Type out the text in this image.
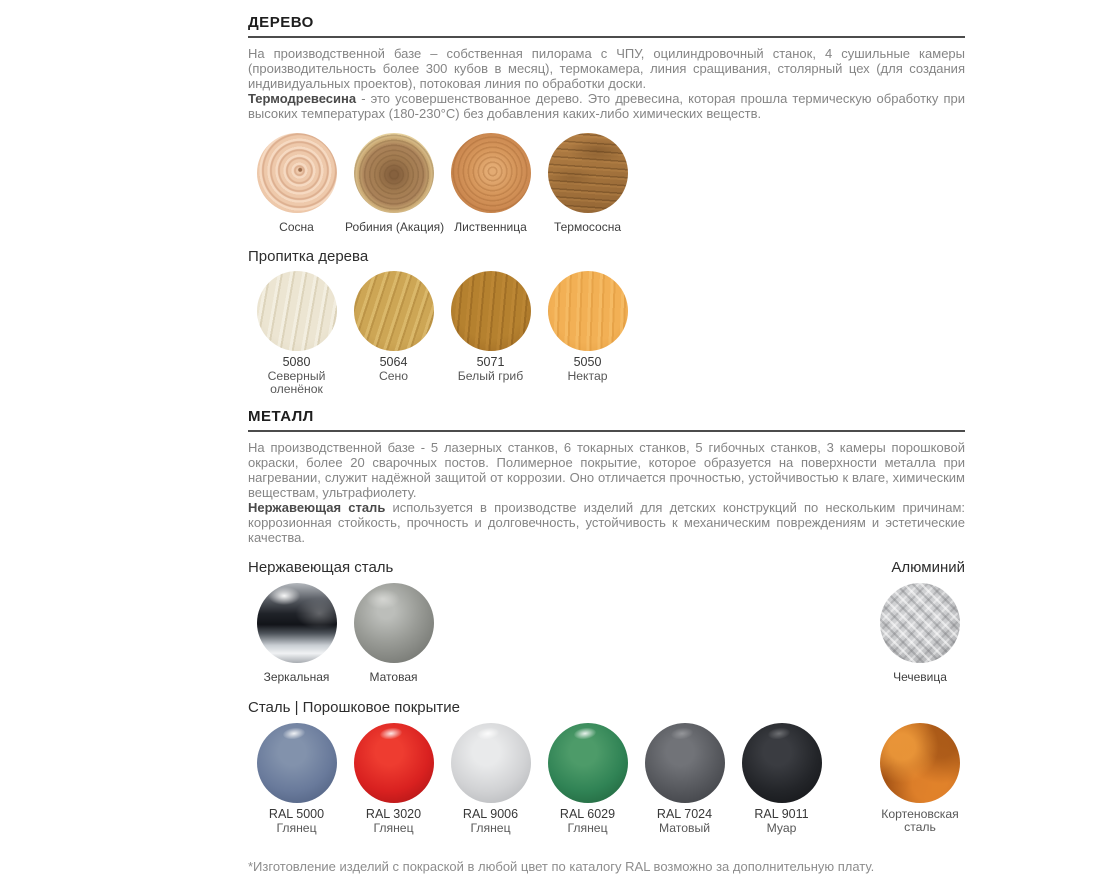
ДЕРЕВО

На производственной базе – собственная пилорама с ЧПУ, оцилиндровочный станок, 4 сушильные камеры (производительность более 300 кубов в месяц), термокамера, линия сращивания, столярный цех (для создания индивидуальных проектов), потоковая линия по обработки доски.

Термодревесина - это усовершенствованное дерево. Это древесина, которая прошла термическую обработку при высоких температурах (180-230°C) без добавления каких-либо химических веществ.

Сосна	Робиния (Акация) Лиственница	Термососна
Пропитка дерева
5080
Северный оленёнок
5064
Сено
5071
Белый гриб
5050
Нектар
МЕТАЛЛ

На производственной базе - 5 лазерных станков, 6 токарных станков, 5 гибочных станков, 3 камеры порошковой окраски, более 20 сварочных постов. Полимерное покрытие, которое образуется на поверхности металла при нагревании, служит надёжной защитой от коррозии. Оно отличается прочностью, устойчивостью к влаге, химическим веществам, ультрафиолету.

Нержавеющая сталь используется в производстве изделий для детских конструкций по нескольким причинам: коррозионная стойкость, прочность и долговечность, устойчивость к механическим повреждениям и эстетические качества.

Нержавеющая сталь	Алюминий
Зеркальная	Матовая	Чечевица
Сталь | Порошковое покрытие
RAL 5000
Глянец
RAL 3020
Глянец
RAL 9006
Глянец
RAL 6029
Глянец
RAL 7024
Матовый
RAL 9011
Муар
Кортеновская сталь
*Изготовление изделий с покраской в любой цвет по каталогу RAL возможно за дополнительную плату.
